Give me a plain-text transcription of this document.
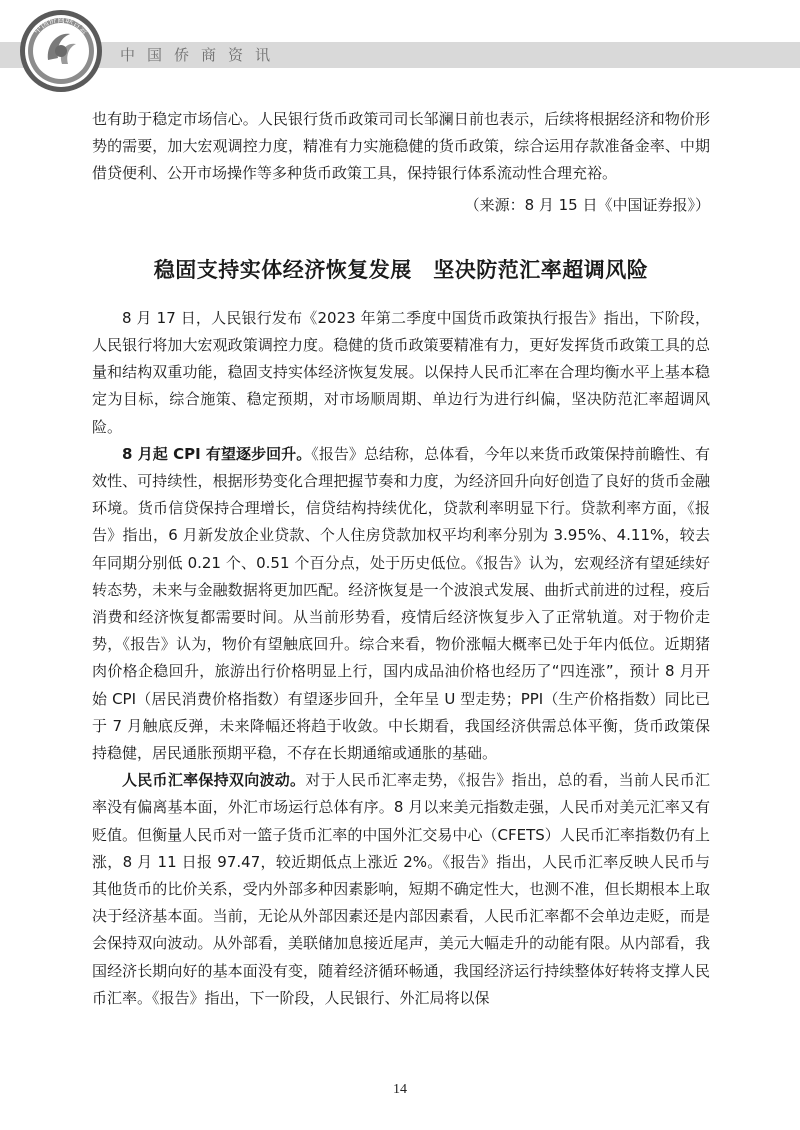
中国侨商联合会
中国侨商资讯

也有助于稳定市场信心。人民银行货币政策司司长邹澜日前也表示，后续将根据经济和物价形势的需要，加大宏观调控力度，精准有力实施稳健的货币政策，综合运用存款准备金率、中期借贷便利、公开市场操作等多种货币政策工具，保持银行体系流动性合理充裕。

（来源：8 月 15 日《中国证券报》）

稳固支持实体经济恢复发展　坚决防范汇率超调风险

8 月 17 日，人民银行发布《2023 年第二季度中国货币政策执行报告》指出，下阶段，人民银行将加大宏观政策调控力度。稳健的货币政策要精准有力，更好发挥货币政策工具的总量和结构双重功能，稳固支持实体经济恢复发展。以保持人民币汇率在合理均衡水平上基本稳定为目标，综合施策、稳定预期，对市场顺周期、单边行为进行纠偏，坚决防范汇率超调风险。

8 月起 CPI 有望逐步回升。《报告》总结称，总体看，今年以来货币政策保持前瞻性、有效性、可持续性，根据形势变化合理把握节奏和力度，为经济回升向好创造了良好的货币金融环境。货币信贷保持合理增长，信贷结构持续优化，贷款利率明显下行。贷款利率方面，《报告》指出，6 月新发放企业贷款、个人住房贷款加权平均利率分别为 3.95%、4.11%，较去年同期分别低 0.21 个、0.51 个百分点，处于历史低位。《报告》认为，宏观经济有望延续好转态势，未来与金融数据将更加匹配。经济恢复是一个波浪式发展、曲折式前进的过程，疫后消费和经济恢复都需要时间。从当前形势看，疫情后经济恢复步入了正常轨道。对于物价走势，《报告》认为，物价有望触底回升。综合来看，物价涨幅大概率已处于年内低位。近期猪肉价格企稳回升，旅游出行价格明显上行，国内成品油价格也经历了“四连涨”，预计 8 月开始 CPI（居民消费价格指数）有望逐步回升，全年呈 U 型走势；PPI（生产价格指数）同比已于 7 月触底反弹，未来降幅还将趋于收敛。中长期看，我国经济供需总体平衡，货币政策保持稳健，居民通胀预期平稳，不存在长期通缩或通胀的基础。

人民币汇率保持双向波动。对于人民币汇率走势，《报告》指出，总的看，当前人民币汇率没有偏离基本面，外汇市场运行总体有序。8 月以来美元指数走强，人民币对美元汇率又有贬值。但衡量人民币对一篮子货币汇率的中国外汇交易中心（CFETS）人民币汇率指数仍有上涨，8 月 11 日报 97.47，较近期低点上涨近 2%。《报告》指出，人民币汇率反映人民币与其他货币的比价关系，受内外部多种因素影响，短期不确定性大，也测不准，但长期根本上取决于经济基本面。当前，无论从外部因素还是内部因素看，人民币汇率都不会单边走贬，而是会保持双向波动。从外部看，美联储加息接近尾声，美元大幅走升的动能有限。从内部看，我国经济长期向好的基本面没有变，随着经济循环畅通，我国经济运行持续整体好转将支撑人民币汇率。《报告》指出，下一阶段，人民银行、外汇局将以保

14
